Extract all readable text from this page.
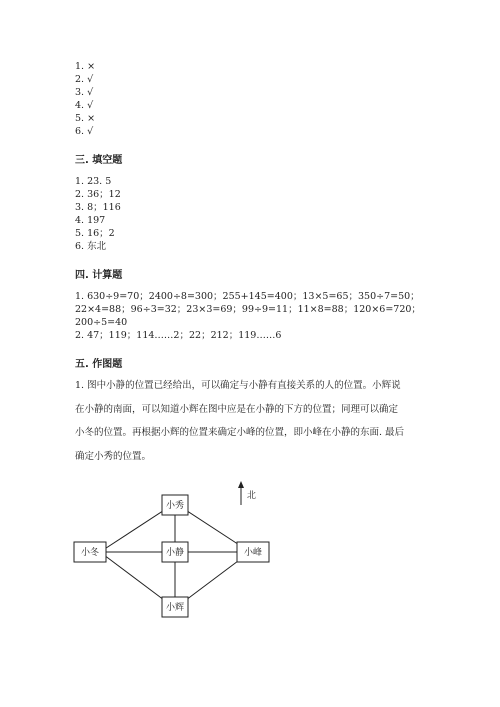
1. ×
2. √
3. √
4. √
5. ×
6. √
三. 填空题
1. 23. 5
2. 36；12
3. 8；116
4. 197
5. 16；2
6. 东北
四. 计算题
1. 630÷9=70；2400÷8=300；255+145=400；13×5=65；350÷7=50；
22×4=88；96÷3=32；23×3=69；99÷9=11；11×8=88；120×6=720；
200÷5=40
2. 47；119；114……2；22；212；119……6
五. 作图题
1. 图中小静的位置已经给出，可以确定与小静有直接关系的人的位置。小辉说
在小静的南面，可以知道小辉在图中应是在小静的下方的位置；同理可以确定
小冬的位置。再根据小辉的位置来确定小峰的位置，即小峰在小静的东面. 最后
确定小秀的位置。
北
小秀
小冬	小静	小峰
小辉
